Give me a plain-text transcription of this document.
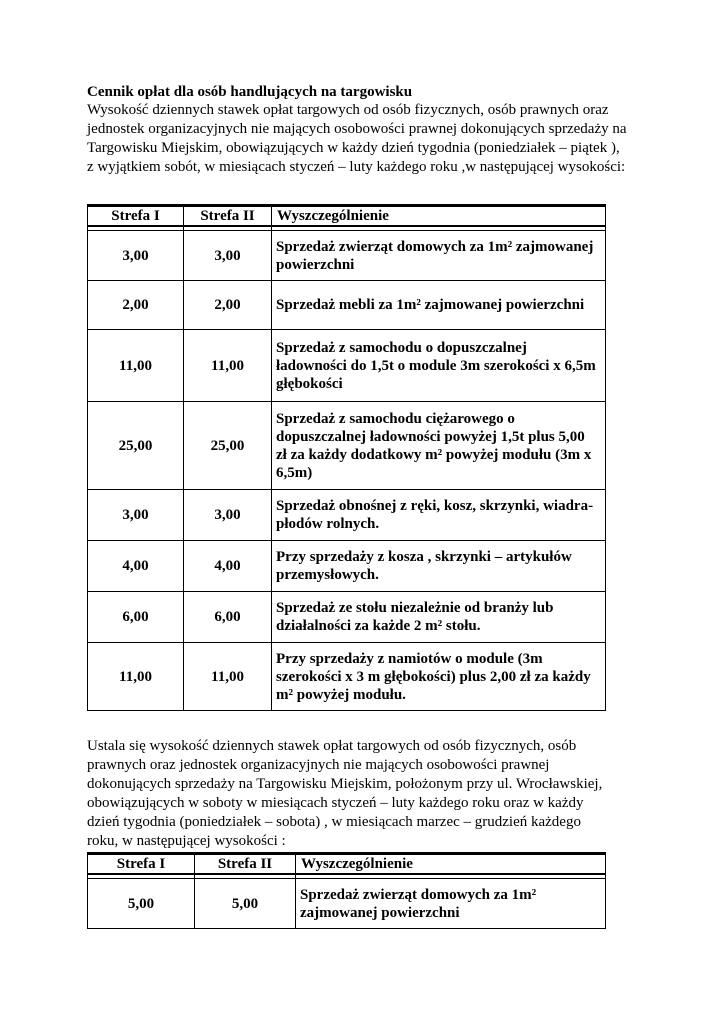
Cennik opłat dla osób handlujących na targowisku
Wysokość dziennych stawek opłat targowych od osób fizycznych, osób prawnych oraz jednostek organizacyjnych nie mających osobowości prawnej dokonujących sprzedaży na Targowisku Miejskim, obowiązujących w każdy dzień tygodnia (poniedziałek – piątek ), z wyjątkiem sobót, w miesiącach styczeń – luty każdego roku ,w następującej wysokości:
Strefa I	Strefa II	Wyszczególnienie

3,00	3,00	Sprzedaż zwierząt domowych za 1m² zajmowanej powierzchni
2,00	2,00	Sprzedaż mebli za 1m² zajmowanej powierzchni
11,00	11,00	Sprzedaż z samochodu o dopuszczalnej ładowności do 1,5t o module 3m szerokości x 6,5m głębokości
25,00	25,00	Sprzedaż z samochodu ciężarowego o dopuszczalnej ładowności powyżej 1,5t plus 5,00 zł za każdy dodatkowy m² powyżej modułu (3m x 6,5m)
3,00	3,00	Sprzedaż obnośnej z ręki, kosz, skrzynki, wiadra- płodów rolnych.
4,00	4,00	Przy sprzedaży z kosza , skrzynki – artykułów przemysłowych.
6,00	6,00	Sprzedaż ze stołu niezależnie od branży lub działalności za każde 2 m² stołu.
11,00	11,00	Przy sprzedaży z namiotów o module (3m szerokości x 3 m głębokości) plus 2,00 zł za każdy m² powyżej modułu.
Ustala się wysokość dziennych stawek opłat targowych od osób fizycznych, osób prawnych oraz jednostek organizacyjnych nie mających osobowości prawnej dokonujących sprzedaży na Targowisku Miejskim, położonym przy ul. Wrocławskiej, obowiązujących w soboty w miesiącach styczeń – luty każdego roku oraz w każdy dzień tygodnia (poniedziałek – sobota) , w miesiącach marzec – grudzień każdego roku, w następującej wysokości :
Strefa I	Strefa II	Wyszczególnienie

5,00	5,00	Sprzedaż zwierząt domowych za 1m² zajmowanej powierzchni
